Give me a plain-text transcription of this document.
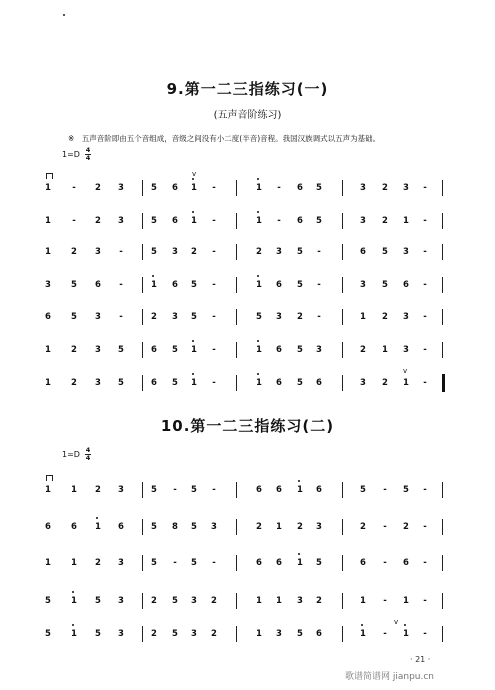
9.第一二三指练习(一)
(五声音阶练习)
※　五声音阶即由五个音组成，音级之间没有小二度(半音)音程。我国汉族调式以五声为基础。
$1=D \frac{4}{4}$
1	-	2	3	5	6	1	-	1	-	6	5	3	2	3	-
1	-	2	3	5	6	1	-	1	-	6	5	3	2	1	-
1	2	3	-	5	3	2	-	2	3	5	-	6	5	3	-
3	5	6	-	1	6	5	-	1	6	5	-	3	5	6	-
6	5	3	-	2	3	5	-	5	3	2	-	1	2	3	-
1	2	3	5	6	5	1	-	1	6	5	3	2	1	3	-
1	2	3	5	6	5	1	-	1	6	5	6	3	2	1	-
10.第一二三指练习(二)
$1=D \frac{4}{4}$
1	1	2	3	5	-	5	-	6	6	1	6	5	-	5	-
6	6	1	6	5	8	5	3	2	1	2	3	2	-	2	-
1	1	2	3	5	-	5	-	6	6	1	5	6	-	6	-
5	1	5	3	2	5	3	2	1	1	3	2	1	-	1	-
5	1	5	3	2	5	3	2	1	3	5	6	1	-	1	-
· 21 ·
歌谱简谱网 jianpu.cn
v
v
v
